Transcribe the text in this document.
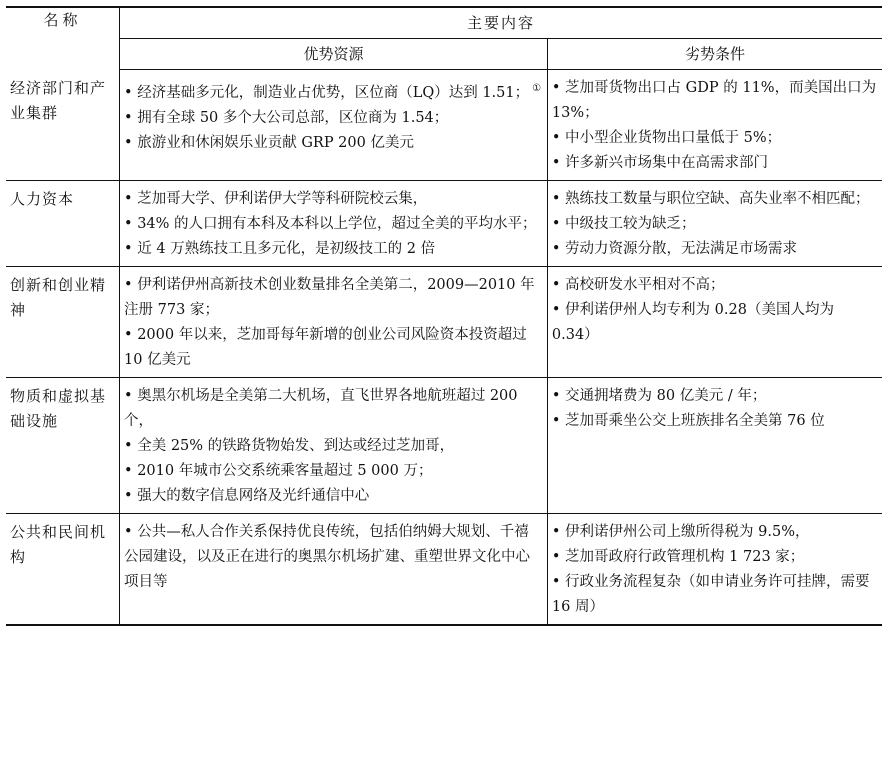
名称	主要内容	
	优势资源	劣势条件
经济部门和产业集群	• 经济基础多元化，制造业占优势，区位商（LQ）达到 1.51； ①
• 拥有全球 50 多个大公司总部，区位商为 1.54；
• 旅游业和休闲娱乐业贡献 GRP 200 亿美元	• 芝加哥货物出口占 GDP 的 11%，而美国出口为 13%；
• 中小型企业货物出口量低于 5%；
• 许多新兴市场集中在高需求部门

人力资本	• 芝加哥大学、伊利诺伊大学等科研院校云集，
• 34% 的人口拥有本科及本科以上学位，超过全美的平均水平；
• 近 4 万熟练技工且多元化，是初级技工的 2 倍	• 熟练技工数量与职位空缺、高失业率不相匹配；
• 中级技工较为缺乏；
• 劳动力资源分散，无法满足市场需求

创新和创业精神	• 伊利诺伊州高新技术创业数量排名全美第二，2009—2010 年注册 773 家；
• 2000 年以来，芝加哥每年新增的创业公司风险资本投资超过 10 亿美元	• 高校研发水平相对不高；
• 伊利诺伊州人均专利为 0.28（美国人均为 0.34）

物质和虚拟基础设施	• 奥黑尔机场是全美第二大机场，直飞世界各地航班超过 200 个，
• 全美 25% 的铁路货物始发、到达或经过芝加哥，
• 2010 年城市公交系统乘客量超过 5 000 万；
• 强大的数字信息网络及光纤通信中心	• 交通拥堵费为 80 亿美元 / 年；
• 芝加哥乘坐公交上班族排名全美第 76 位

公共和民间机构	• 公共—私人合作关系保持优良传统，包括伯纳姆大规划、千禧公园建设，以及正在进行的奥黑尔机场扩建、重塑世界文化中心项目等	• 伊利诺伊州公司上缴所得税为 9.5%，
• 芝加哥政府行政管理机构 1 723 家；
• 行政业务流程复杂（如申请业务许可挂牌，需要 16 周）
